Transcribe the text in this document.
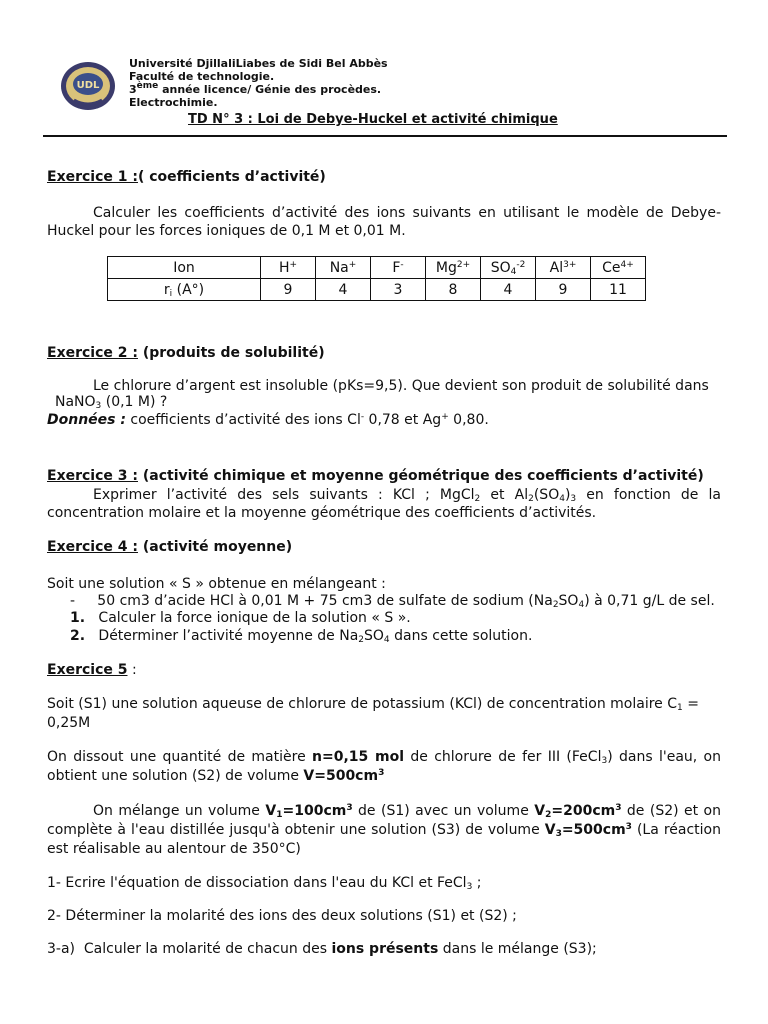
UDL
Université DjillaliLiabes de Sidi Bel Abbès
Faculté de technologie.
3ème année licence/ Génie des procèdes.
Electrochimie.
TD N° 3 : Loi de Debye-Huckel et activité chimique
Exercice 1 :( coefficients d’activité)
Calculer les coefficients d’activité des ions suivants en utilisant le modèle de Debye-Huckel pour les forces ioniques de 0,1 M et 0,01 M.
Ion	H+	Na+	F-	$Mg^{2+}$	$SO_4^{-2}$	$Al^{3+}$	$Ce^{4+}$
$r_i$ (A°)	9	4	3	8	4	9	11
Exercice 2 : (produits de solubilité)
Le chlorure d’argent est insoluble (pKs=9,5). Que devient son produit de solubilité dans
NaNO$_3$ (0,1 M) ?
Données : coefficients d’activité des ions Cl- 0,78 et Ag+ 0,80.
Exercice 3 : (activité chimique et moyenne géométrique des coefficients d’activité)
Exprimer l’activité des sels suivants : KCl ; MgCl$_2$ et $Al_2(SO_4)_3$ en fonction de la concentration molaire et la moyenne géométrique des coefficients d’activités.
Exercice 4 : (activité moyenne)
Soit une solution « S » obtenue en mélangeant :
-     50 cm3 d’acide HCl à 0,01 M + 75 cm3 de sulfate de sodium $(Na_2SO_4)$ à 0,71 g/L de sel.
1. Calculer la force ionique de la solution « S ».
2.   Déterminer l’activité moyenne de $Na_2SO_4$ dans cette solution.
Exercice 5 :
Soit (S1) une solution aqueuse de chlorure de potassium (KCl) de concentration molaire $C_1$ =
0,25M
On dissout une quantité de matière n=0,15 mol de chlorure de fer III (FeCl$_3$) dans l'eau, on obtient une solution (S2) de volume $V=500cm^3$
On mélange un volume $V_1=100cm^3$ de (S1) avec un volume $V_2=200cm^3$ de (S2) et on complète à l'eau distillée jusqu'à obtenir une solution (S3) de volume $V_3=500cm^3$ (La réaction est réalisable au alentour de 350°C)
1- Ecrire l'équation de dissociation dans l'eau du KCl et FeCl$_3$ ;
2- Déterminer la molarité des ions des deux solutions (S1) et (S2) ;
3-a)  Calculer la molarité de chacun des ions présents dans le mélange (S3);
